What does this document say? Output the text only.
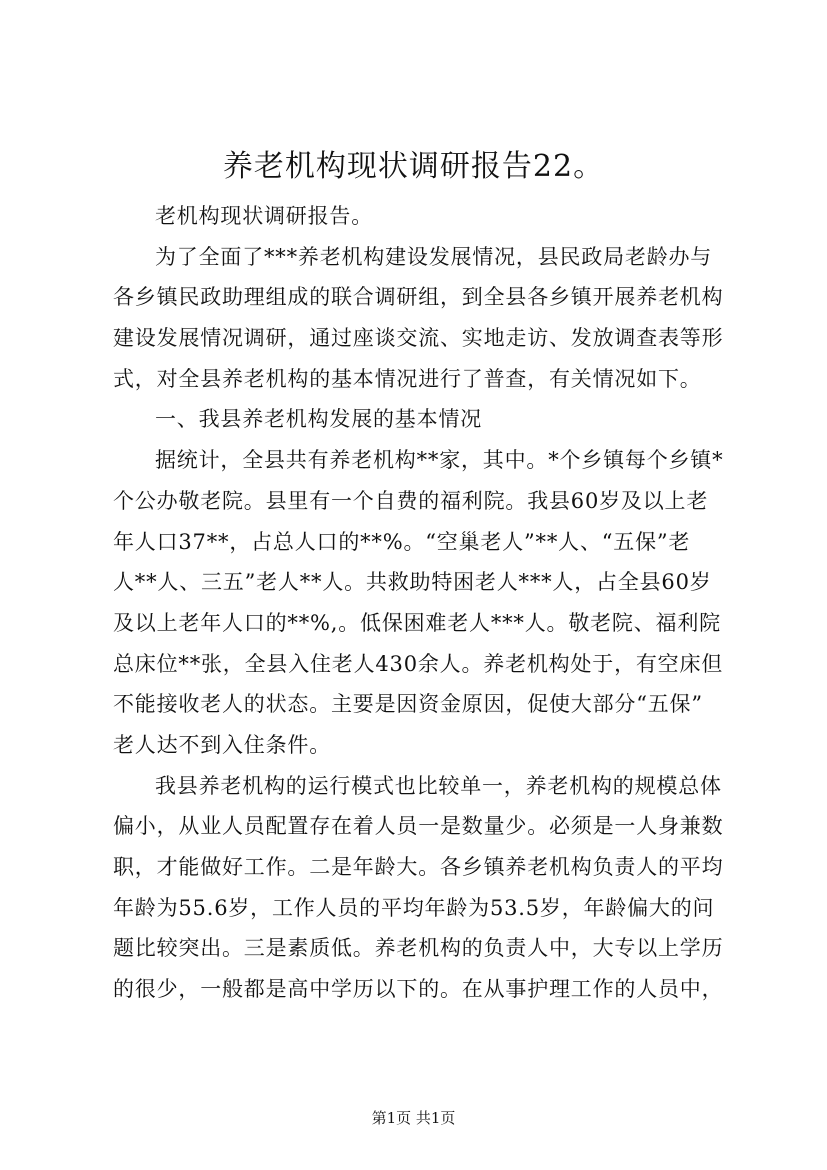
养老机构现状调研报告22。
老机构现状调研报告。
为了全面了***养老机构建设发展情况，县民政局老龄办与
各乡镇民政助理组成的联合调研组，到全县各乡镇开展养老机构
建设发展情况调研，通过座谈交流、实地走访、发放调查表等形
式，对全县养老机构的基本情况进行了普查，有关情况如下。
一、我县养老机构发展的基本情况
据统计，全县共有养老机构**家，其中。*个乡镇每个乡镇*
个公办敬老院。县里有一个自费的福利院。我县60岁及以上老
年人口37**，占总人口的**%。“空巢老人”**人、“五保”老
人**人、三五”老人**人。共救助特困老人***人，占全县60岁
及以上老年人口的**%,。低保困难老人***人。敬老院、福利院
总床位**张，全县入住老人430余人。养老机构处于，有空床但
不能接收老人的状态。主要是因资金原因，促使大部分“五保”
老人达不到入住条件。
我县养老机构的运行模式也比较单一，养老机构的规模总体
偏小，从业人员配置存在着人员一是数量少。必须是一人身兼数
职，才能做好工作。二是年龄大。各乡镇养老机构负责人的平均
年龄为55.6岁，工作人员的平均年龄为53.5岁，年龄偏大的问
题比较突出。三是素质低。养老机构的负责人中，大专以上学历
的很少，一般都是高中学历以下的。在从事护理工作的人员中，
第1页 共1页
